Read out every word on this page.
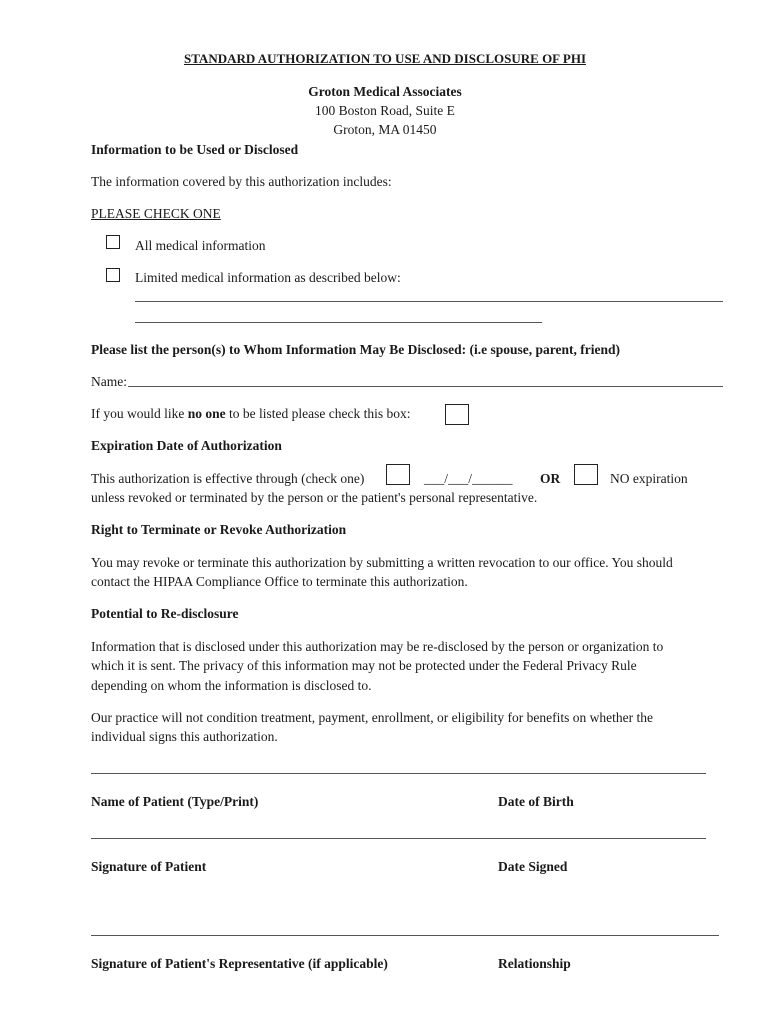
STANDARD AUTHORIZATION TO USE AND DISCLOSURE OF PHI
Groton Medical Associates
100 Boston Road, Suite E
Groton, MA 01450
Information to be Used or Disclosed
The information covered by this authorization includes:
PLEASE CHECK ONE
All medical information
Limited medical information as described below:
Please list the person(s) to Whom Information May Be Disclosed: (i.e spouse, parent, friend)
Name:
If you would like no one to be listed please check this box:
Expiration Date of Authorization
This authorization is effective through (check one)	___/___/______ OR	NO expiration
unless revoked or terminated by the person or the patient's personal representative.
Right to Terminate or Revoke Authorization
You may revoke or terminate this authorization by submitting a written revocation to our office. You should
contact the HIPAA Compliance Office to terminate this authorization.
Potential to Re-disclosure
Information that is disclosed under this authorization may be re-disclosed by the person or organization to
which it is sent. The privacy of this information may not be protected under the Federal Privacy Rule
depending on whom the information is disclosed to.
Our practice will not condition treatment, payment, enrollment, or eligibility for benefits on whether the
individual signs this authorization.
Name of Patient (Type/Print)	Date of Birth
Signature of Patient	Date Signed
Signature of Patient's Representative (if applicable)	Relationship
